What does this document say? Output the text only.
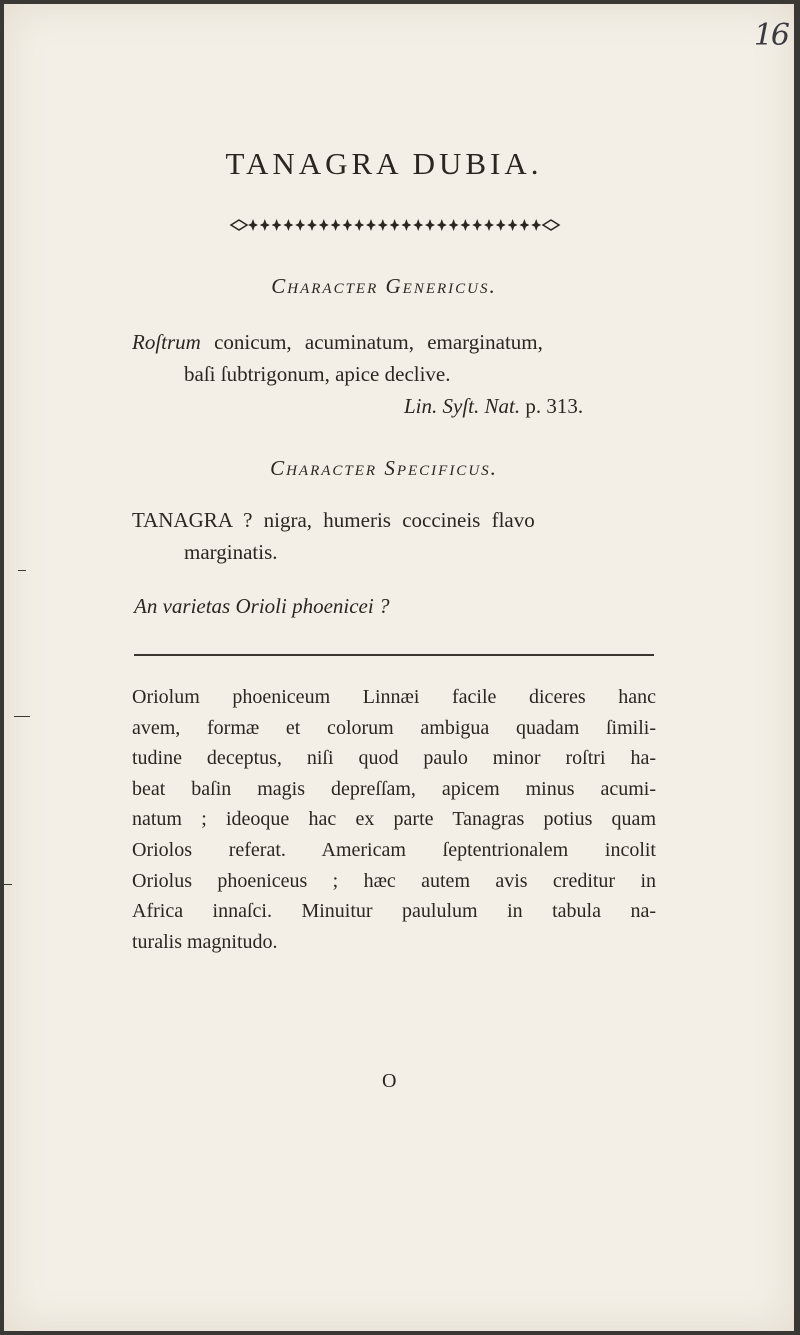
16
TANAGRA DUBIA.
Character Genericus.
Roſtrum conicum, acuminatum, emarginatum,
baſi ſubtrigonum, apice declive.
Lin. Syſt. Nat. p. 313.
Character Specificus.
TANAGRA ? nigra, humeris coccineis flavo
marginatis.
An varietas Orioli phoenicei ?
Oriolum phoeniceum Linnæi facile diceres hanc
avem, formæ et colorum ambigua quadam ſimili-
tudine deceptus, niſi quod paulo minor roſtri ha-
beat baſin magis depreſſam, apicem minus acumi-
natum ; ideoque hac ex parte Tanagras potius quam
Oriolos referat. Americam ſeptentrionalem incolit
Oriolus phoeniceus ; hæc autem avis creditur in
Africa innaſci. Minuitur paululum in tabula na-
turalis magnitudo.
O
